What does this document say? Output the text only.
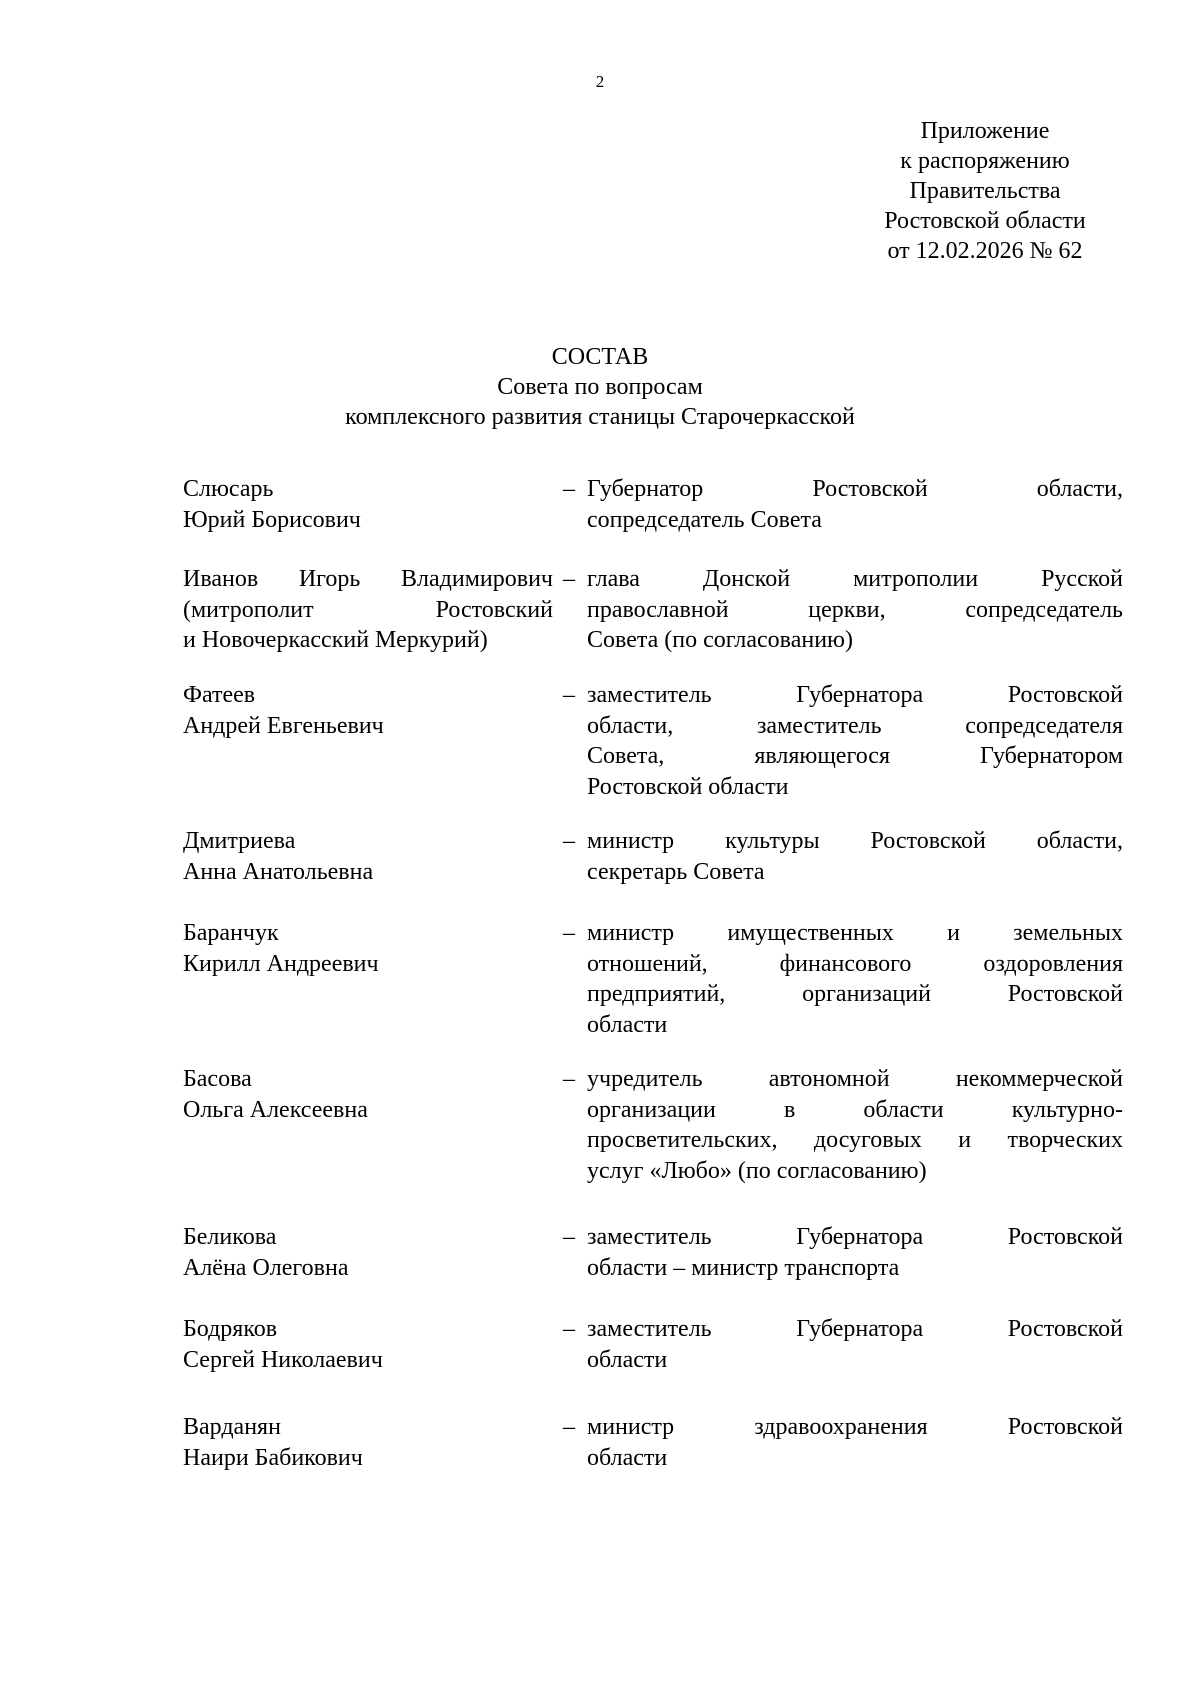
2
Приложение
к распоряжению
Правительства
Ростовской области
от 12.02.2026 № 62
СОСТАВ
Совета по вопросам
комплексного развития станицы Старочеркасской
Слюсарь
Юрий Борисович
– Губернатор Ростовской области,
сопредседатель Совета
Иванов Игорь Владимирович
(митрополит Ростовский
и Новочеркасский Меркурий)
– глава Донской митрополии Русской
православной церкви, сопредседатель
Совета (по согласованию)
Фатеев
Андрей Евгеньевич
– заместитель Губернатора Ростовской
области, заместитель сопредседателя
Совета, являющегося Губернатором
Ростовской области
Дмитриева
Анна Анатольевна
– министр культуры Ростовской области,
секретарь Совета
Баранчук
Кирилл Андреевич
– министр имущественных и земельных
отношений, финансового оздоровления
предприятий, организаций Ростовской
области
Басова
Ольга Алексеевна
– учредитель автономной некоммерческой
организации в области культурно-
просветительских, досуговых и творческих
услуг «Любо» (по согласованию)
Беликова
Алёна Олеговна
– заместитель Губернатора Ростовской
области – министр транспорта
Бодряков
Сергей Николаевич
– заместитель Губернатора Ростовской
области
Варданян
Наири Бабикович
– министр здравоохранения Ростовской
области
